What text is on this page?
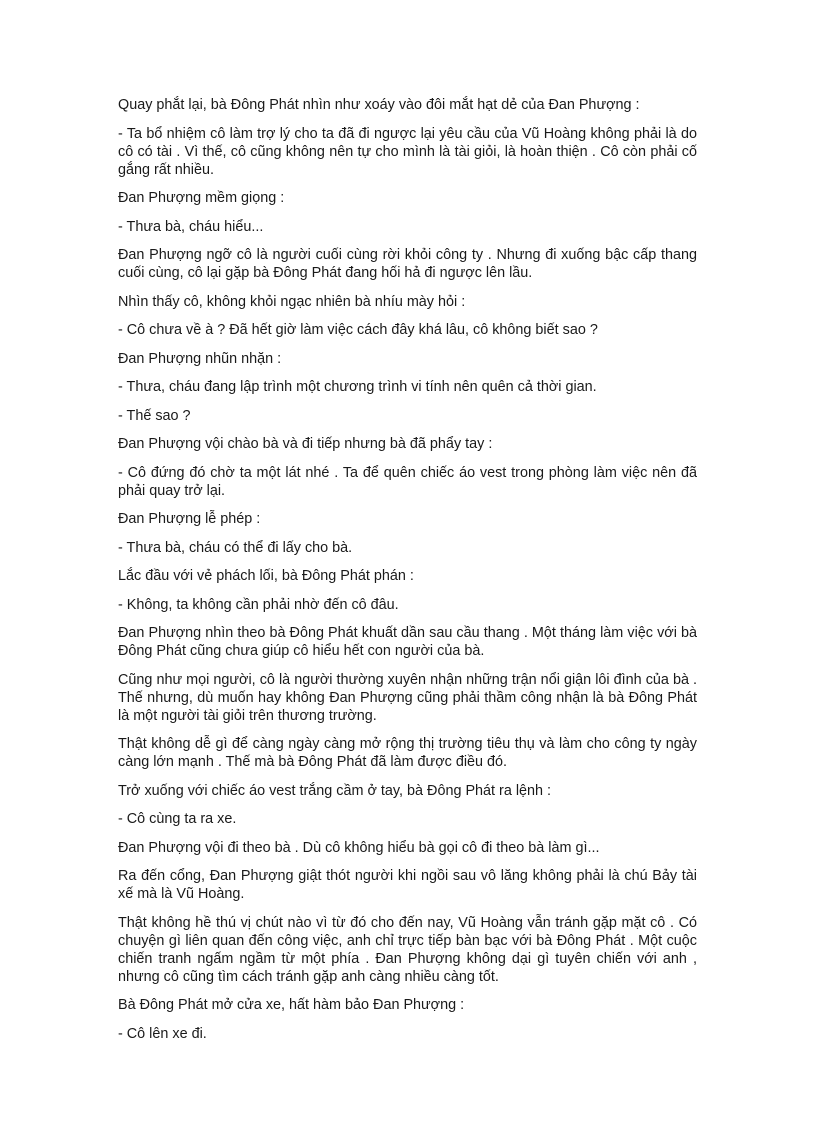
Quay phắt lại, bà Đông Phát nhìn như xoáy vào đôi mắt hạt dẻ của Đan Phượng :

- Ta bổ nhiệm cô làm trợ lý cho ta đã đi ngược lại yêu cầu của Vũ Hoàng không phải là do cô có tài . Vì thế, cô cũng không nên tự cho mình là tài giỏi, là hoàn thiện . Cô còn phải cố gắng rất nhiều.

Đan Phượng mềm giọng :

- Thưa bà, cháu hiểu...

Đan Phượng ngỡ cô là người cuối cùng rời khỏi công ty . Nhưng đi xuống bậc cấp thang cuối cùng, cô lại gặp bà Đông Phát đang hối hả đi ngược lên lầu.

Nhìn thấy cô, không khỏi ngạc nhiên bà nhíu mày hỏi :

- Cô chưa về à ? Đã hết giờ làm việc cách đây khá lâu, cô không biết sao ?

Đan Phượng nhũn nhặn :

- Thưa, cháu đang lập trình một chương trình vi tính nên quên cả thời gian.

- Thế sao ?

Đan Phượng vội chào bà và đi tiếp nhưng bà đã phẩy tay :

- Cô đứng đó chờ ta một lát nhé . Ta để quên chiếc áo vest trong phòng làm việc nên đã phải quay trở lại.

Đan Phượng lễ phép :

- Thưa bà, cháu có thể đi lấy cho bà.

Lắc đầu với vẻ phách lối, bà Đông Phát phán :

- Không, ta không cần phải nhờ đến cô đâu.

Đan Phượng nhìn theo bà Đông Phát khuất dần sau cầu thang . Một tháng làm việc với bà Đông Phát cũng chưa giúp cô hiểu hết con người của bà.

Cũng như mọi người, cô là người thường xuyên nhận những trận nổi giận lôi đình của bà . Thế nhưng, dù muốn hay không Đan Phượng cũng phải thầm công nhận là bà Đông Phát là một người tài giỏi trên thương trường.

Thật không dễ gì để càng ngày càng mở rộng thị trường tiêu thụ và làm cho công ty ngày càng lớn mạnh . Thế mà bà Đông Phát đã làm được điều đó.

Trở xuống với chiếc áo vest trắng cầm ở tay, bà Đông Phát ra lệnh :

- Cô cùng ta ra xe.

Đan Phượng vội đi theo bà . Dù cô không hiểu bà gọi cô đi theo bà làm gì...

Ra đến cổng, Đan Phượng giật thót người khi ngồi sau vô lăng không phải là chú Bảy tài xế mà là Vũ Hoàng.

Thật không hề thú vị chút nào vì từ đó cho đến nay, Vũ Hoàng vẫn tránh gặp mặt cô . Có chuyện gì liên quan đến công việc, anh chỉ trực tiếp bàn bạc với bà Đông Phát . Một cuộc chiến tranh ngấm ngầm từ một phía . Đan Phượng không dại gì tuyên chiến với anh , nhưng cô cũng tìm cách tránh gặp anh càng nhiều càng tốt.

Bà Đông Phát mở cửa xe, hất hàm bảo Đan Phượng :

- Cô lên xe đi.
